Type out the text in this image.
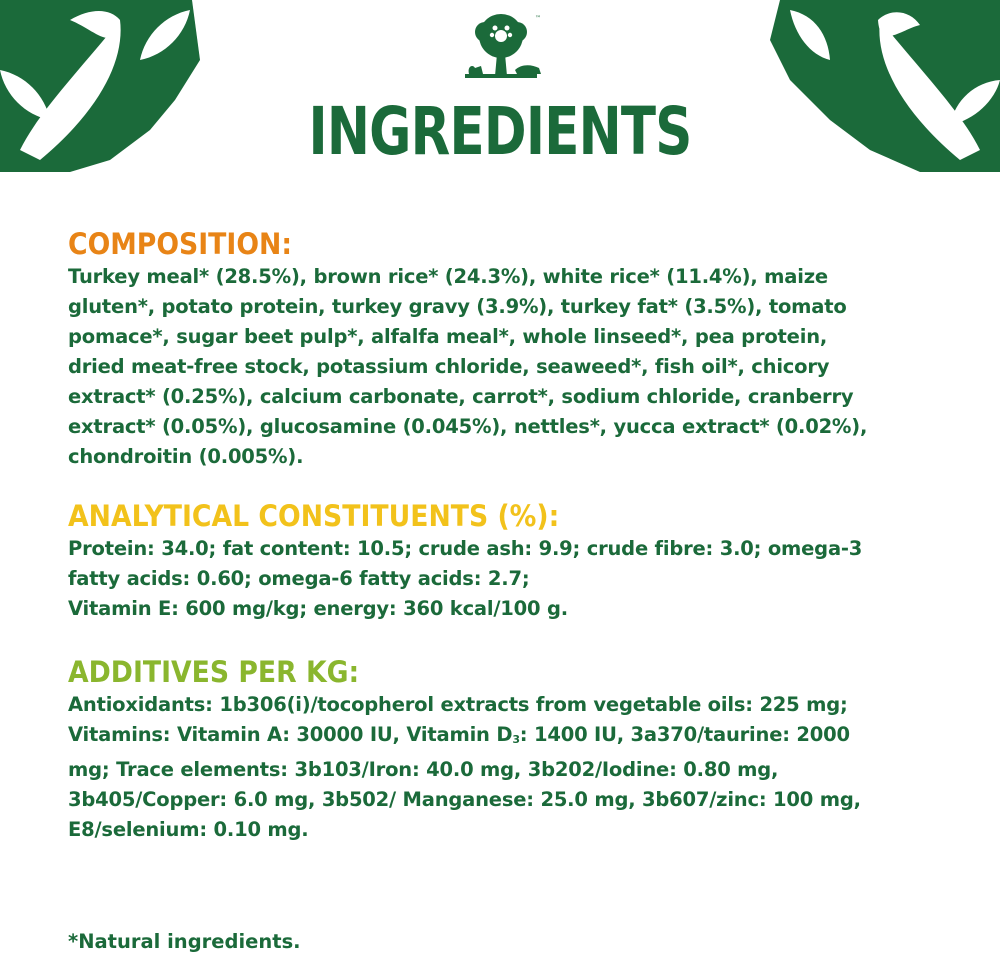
™
INGREDIENTS
COMPOSITION:

Turkey meal* (28.5%), brown rice* (24.3%), white rice* (11.4%), maize
gluten*, potato protein, turkey gravy (3.9%), turkey fat* (3.5%), tomato
pomace*, sugar beet pulp*, alfalfa meal*, whole linseed*, pea protein,
dried meat-free stock, potassium chloride, seaweed*, fish oil*, chicory
extract* (0.25%), calcium carbonate, carrot*, sodium chloride, cranberry
extract* (0.05%), glucosamine (0.045%), nettles*, yucca extract* (0.02%),
chondroitin (0.005%).

ANALYTICAL CONSTITUENTS (%):

Protein: 34.0; fat content: 10.5; crude ash: 9.9; crude fibre: 3.0; omega-3
fatty acids: 0.60; omega-6 fatty acids: 2.7;
Vitamin E: 600 mg/kg; energy: 360 kcal/100 g.

ADDITIVES PER KG:

Antioxidants: 1b306(i)/tocopherol extracts from vegetable oils: 225 mg;
Vitamins: Vitamin A: 30000 IU, Vitamin $D_3$: 1400 IU, 3a370/taurine: 2000
mg; Trace elements: 3b103/Iron: 40.0 mg, 3b202/Iodine: 0.80 mg,
3b405/Copper: 6.0 mg, 3b502/ Manganese: 25.0 mg, 3b607/zinc: 100 mg,
E8/selenium: 0.10 mg.

*Natural ingredients.
